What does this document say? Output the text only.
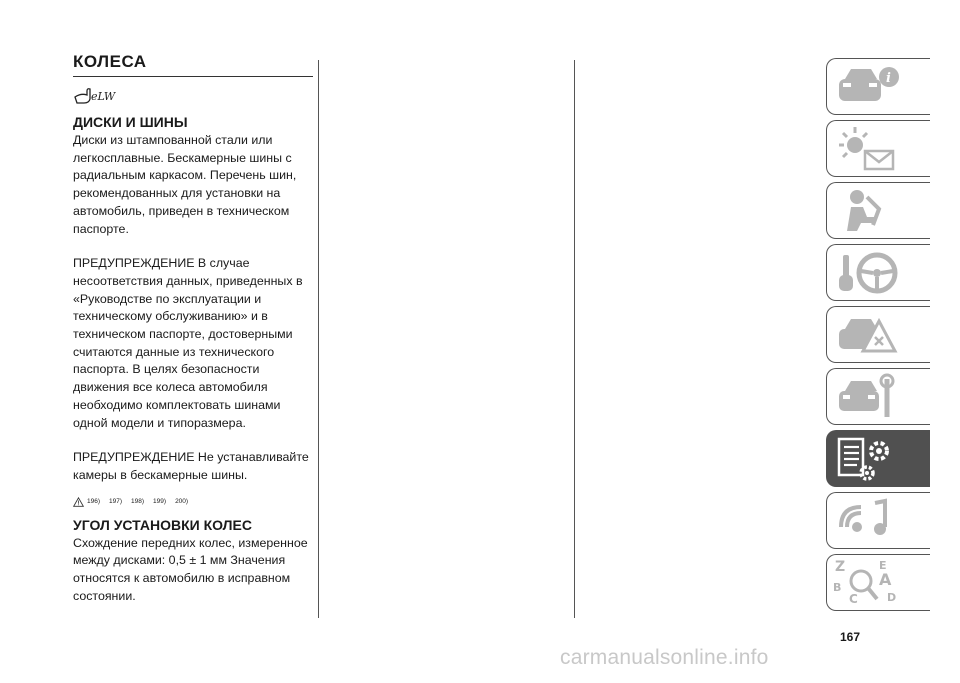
КОЛЕСА
eLW
ДИСКИ И ШИНЫ

Диски из штампованной стали или легкосплавные. Бескамерные шины с радиальным каркасом. Перечень шин, рекомендованных для установки на автомобиль, приведен в техническом паспорте.

ПРЕДУПРЕЖДЕНИЕ В случае несоответствия данных, приведенных в «Руководстве по эксплуатации и техническому обслуживанию» и в техническом паспорте, достоверными считаются данные из технического паспорта. В целях безопасности движения все колеса автомобиля необходимо комплектовать шинами одной модели и типоразмера.

ПРЕДУПРЕЖДЕНИЕ Не устанавливайте камеры в бескамерные шины.

196) 197) 198) 199) 200)
УГОЛ УСТАНОВКИ КОЛЕС

Схождение передних колес, измеренное между дисками: 0,5 ± 1 мм Значения относятся к автомобилю в исправном состоянии.

i
Z	E
A
B
C	D
167
carmanualsonline.info
